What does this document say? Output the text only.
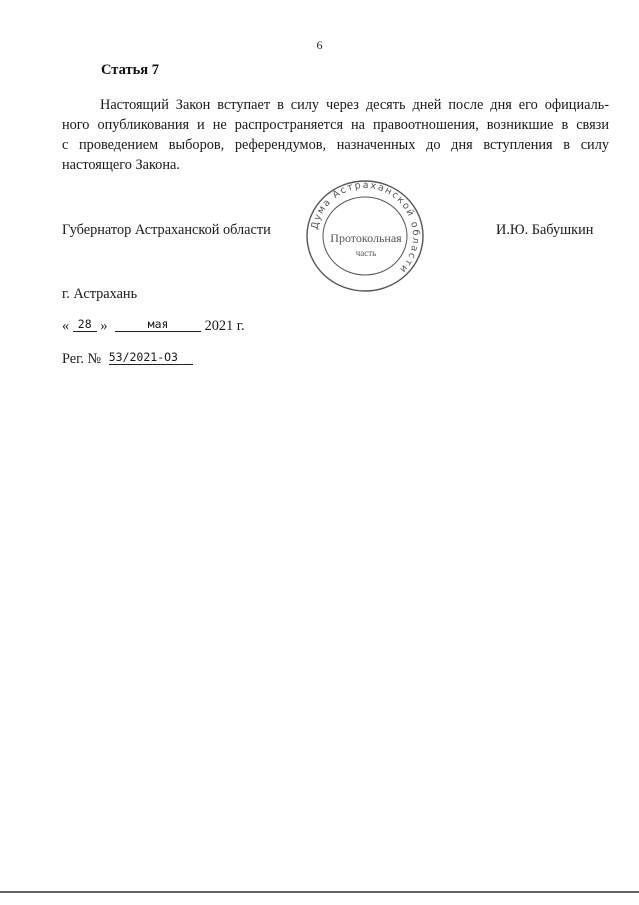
6
Статья 7
Настоящий Закон вступает в силу через десять дней после дня его официаль-
ного опубликования и не распространяется на правоотношения, возникшие в связи
с проведением выборов, референдумов, назначенных до дня вступления в силу
настоящего Закона.
Губернатор Астраханской области	И.Ю. Бабушкин
Дума Астраханской области
Протокольная
часть
г. Астрахань
« 28 »	мая	2021 г.
Рег. № 53/2021-ОЗ
